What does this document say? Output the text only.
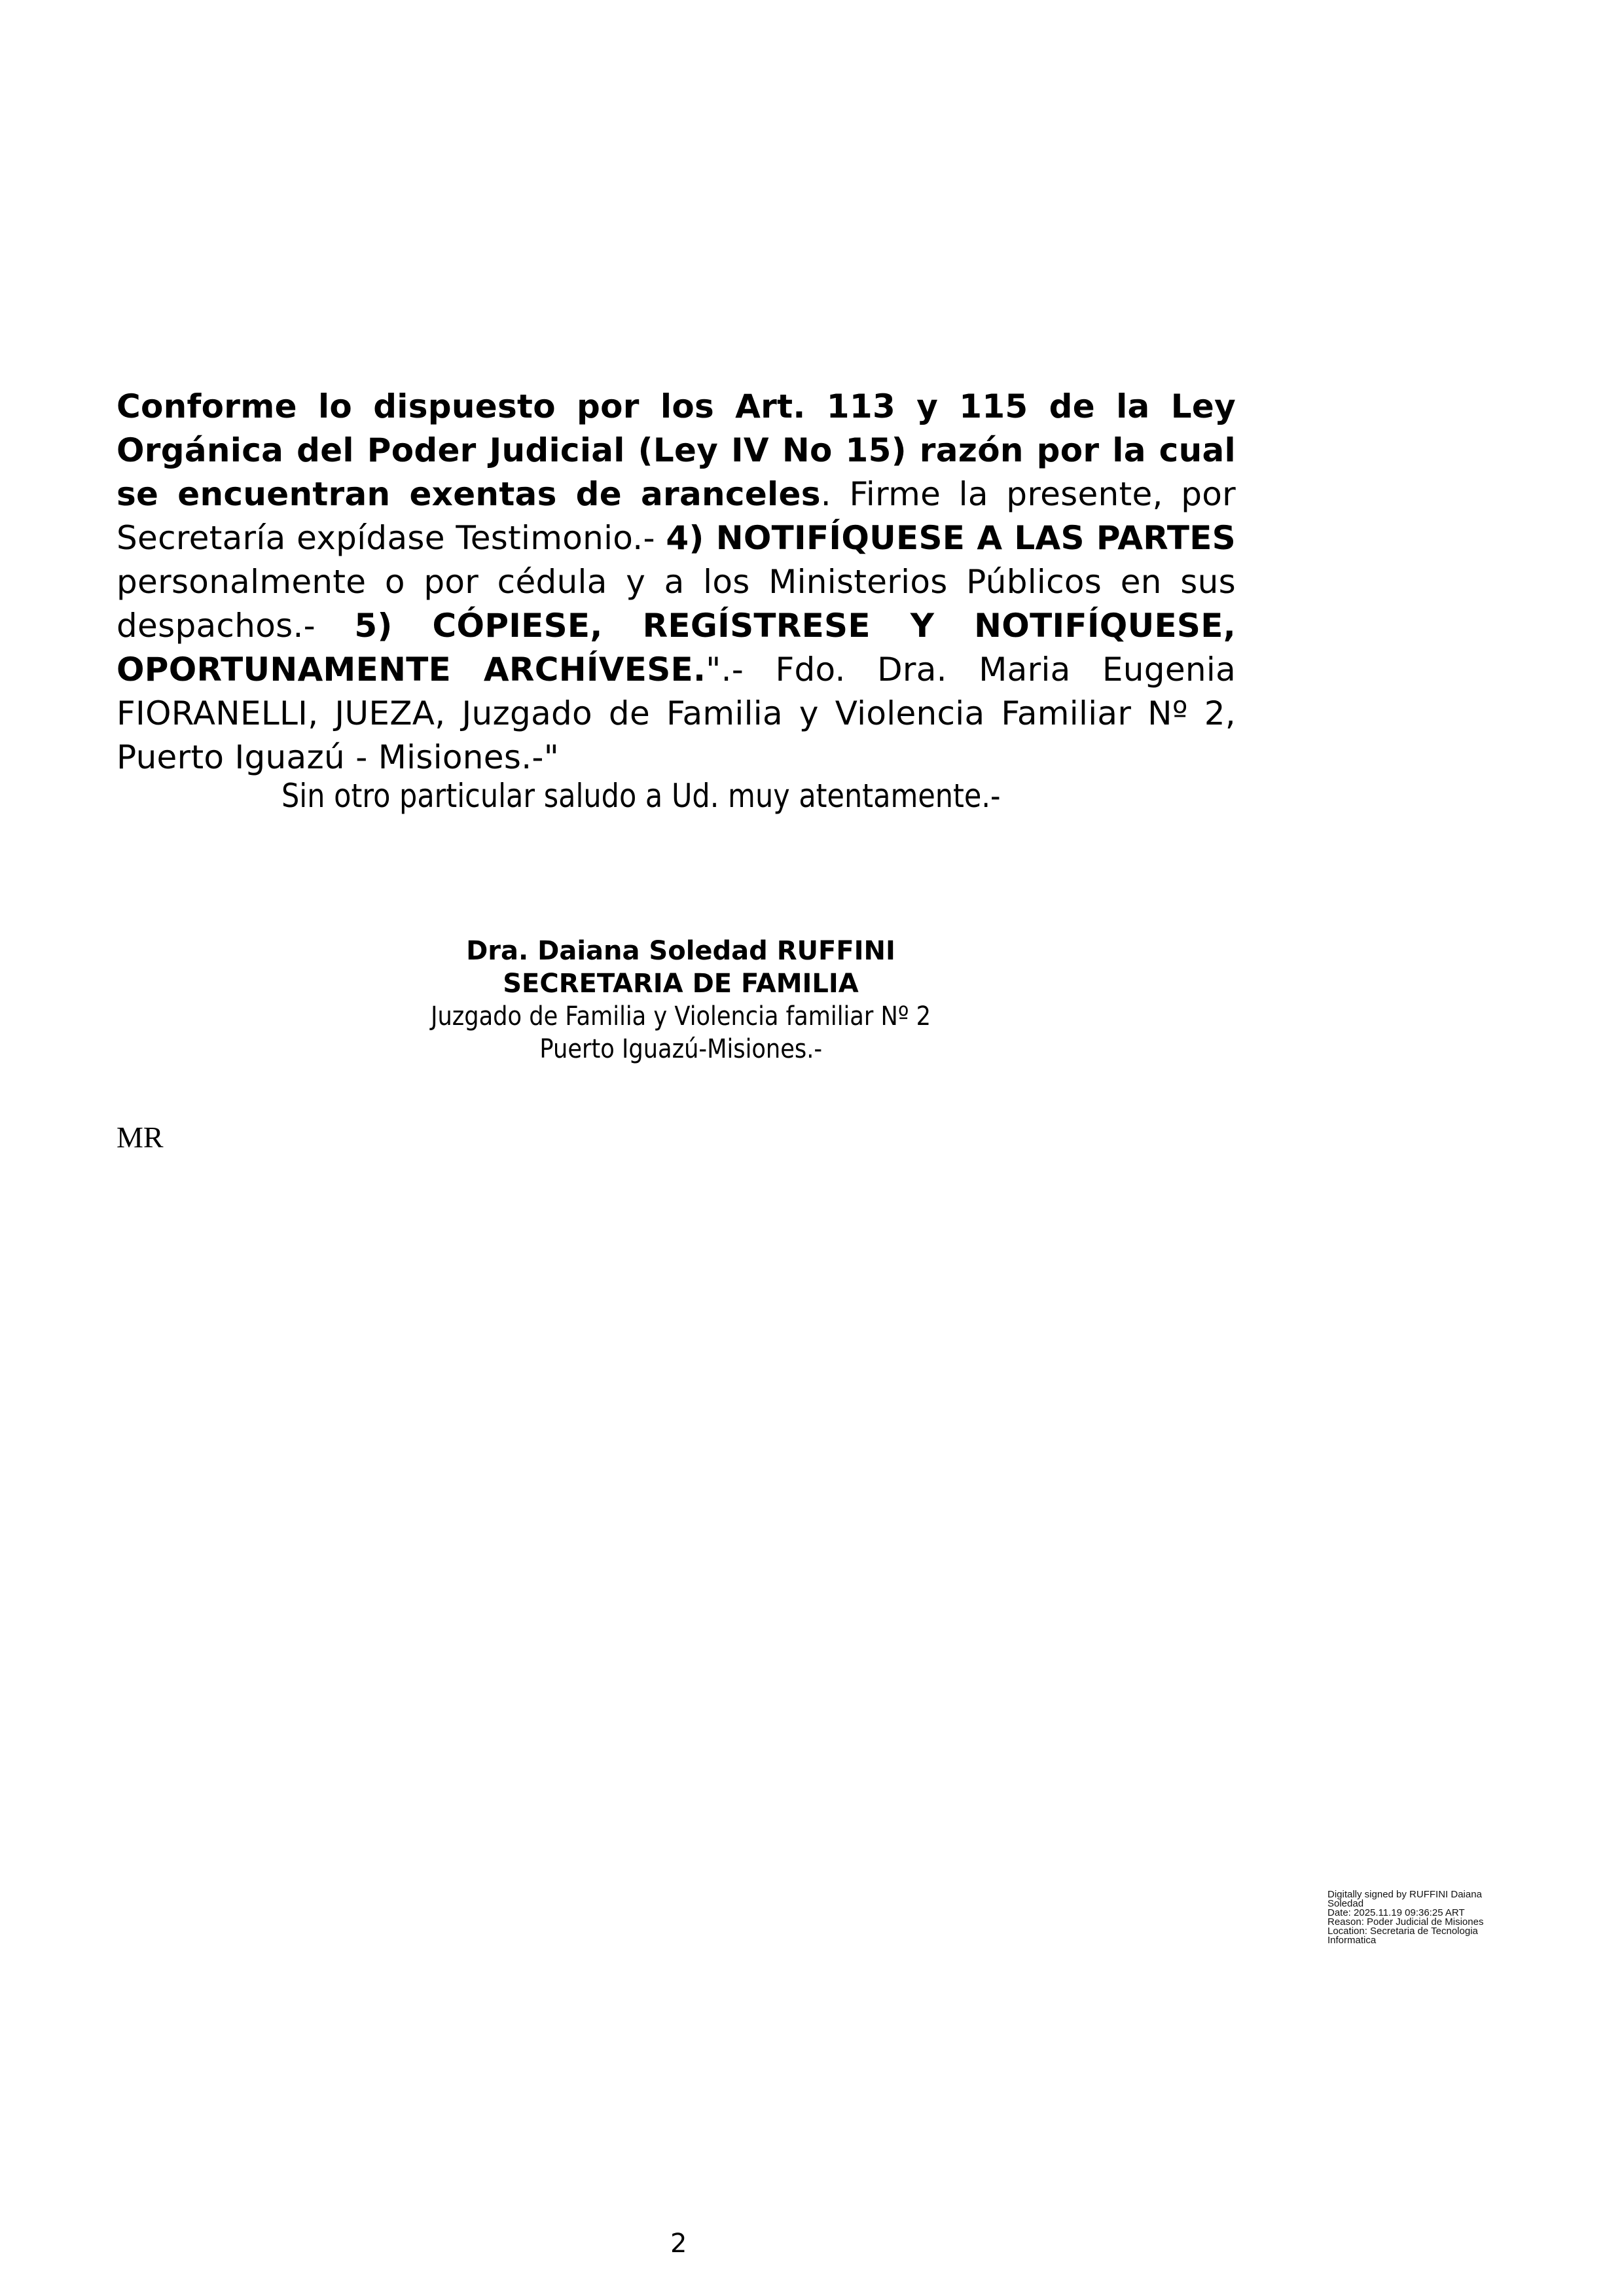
Conforme lo dispuesto por los Art. 113 y 115 de la Ley Orgánica del Poder Judicial (Ley IV No 15) razón por la cual se encuentran exentas de aranceles. Firme la presente, por Secretaría expídase Testimonio.- 4) NOTIFÍQUESE A LAS PARTES personalmente o por cédula y a los Ministerios Públicos en sus despachos.- 5) CÓPIESE, REGÍSTRESE Y NOTIFÍQUESE, OPORTUNAMENTE ARCHÍVESE.".- Fdo. Dra. Maria Eugenia FIORANELLI, JUEZA, Juzgado de Familia y Violencia Familiar Nº 2, Puerto Iguazú - Misiones.-"

Sin otro particular saludo a Ud. muy atentamente.-
Dra. Daiana Soledad RUFFINI
SECRETARIA DE FAMILIA
Juzgado de Familia y Violencia familiar Nº 2
Puerto Iguazú-Misiones.-
MR
Digitally signed by RUFFINI Daiana
Soledad
Date: 2025.11.19 09:36:25 ART
Reason: Poder Judicial de Misiones
Location: Secretaria de Tecnologia
Informatica
2
